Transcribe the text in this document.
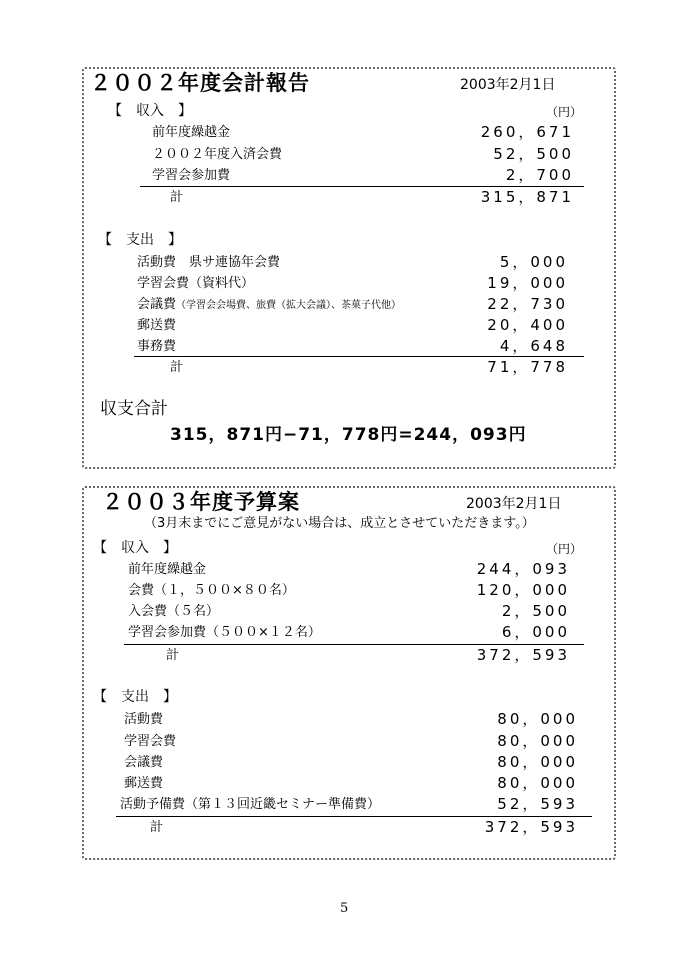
２００２年度会計報告	2003年2月1日
【　収入　】	（円）
前年度繰越金	260，671
２００２年度入済会費	52，500
学習会参加費	2，700
計	315，871
【　支出　】
活動費　県サ連協年会費	5，000
学習会費（資料代）	19，000
会議費（学習会会場費、旅費（拡大会議）、茶菓子代他）	22，730
郵送費	20，400
事務費	4，648
計	71，778
収支合計
315，871円−71，778円=244，093円
２００３年度予算案	2003年2月1日
（3月末までにご意見がない場合は、成立とさせていただきます。）
【　収入　】	（円）
前年度繰越金	244，093
会費（１，５００×８０名）	120，000
入会費（５名）	2，500
学習会参加費（５００×１２名）	6，000
計	372，593
【　支出　】
活動費	80，000
学習会費	80，000
会議費	80，000
郵送費	80，000
活動予備費（第１３回近畿セミナー準備費）	52，593
計	372，593
5
